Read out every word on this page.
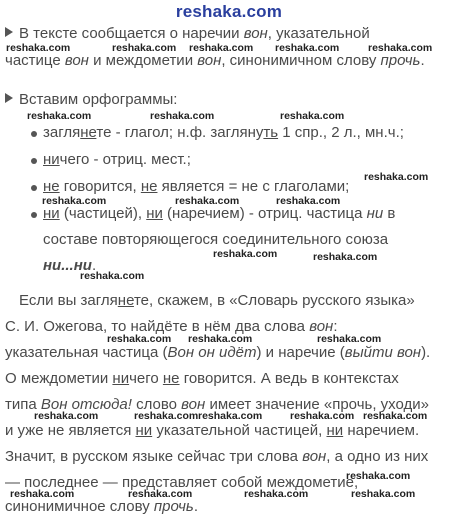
reshaka.com
В тексте сообщается о наречии вон, указательной
частице вон и междометии вон, синонимичном слову прочь.
Вставим орфограммы:
заглянете - глагол; н.ф. заглянуть 1 спр., 2 л., мн.ч.;
ничего - отриц. мест.;
не говорится, не является = не с глаголами;
ни (частицей), ни (наречием) - отриц. частица ни в
составе повторяющегося соединительного союза
ни...ни.
Если вы заглянете, скажем, в «Словарь русского языка»
С. И. Ожегова, то найдёте в нём два слова вон:
указательная частица (Вон он идёт) и наречие (выйти вон).
О междометии ничего не говорится. А ведь в контекстах
типа Вон отсюда! слово вон имеет значение «прочь, уходи»
и уже не является ни указательной частицей, ни наречием.
Значит, в русском языке сейчас три слова вон, а одно из них
— последнее — представляет собой междометие,
синонимичное слову прочь.
reshaka.com	reshaka.com reshaka.com reshaka.com	reshaka.com
reshaka.com	reshaka.com	reshaka.com
reshaka.com
reshaka.com	reshaka.com	reshaka.com
reshaka.com	reshaka.com
reshaka.com
reshaka.com reshaka.com	reshaka.com
reshaka.com	reshaka.com reshaka.com	reshaka.com reshaka.com
reshaka.com
reshaka.com	reshaka.com	reshaka.com	reshaka.com
